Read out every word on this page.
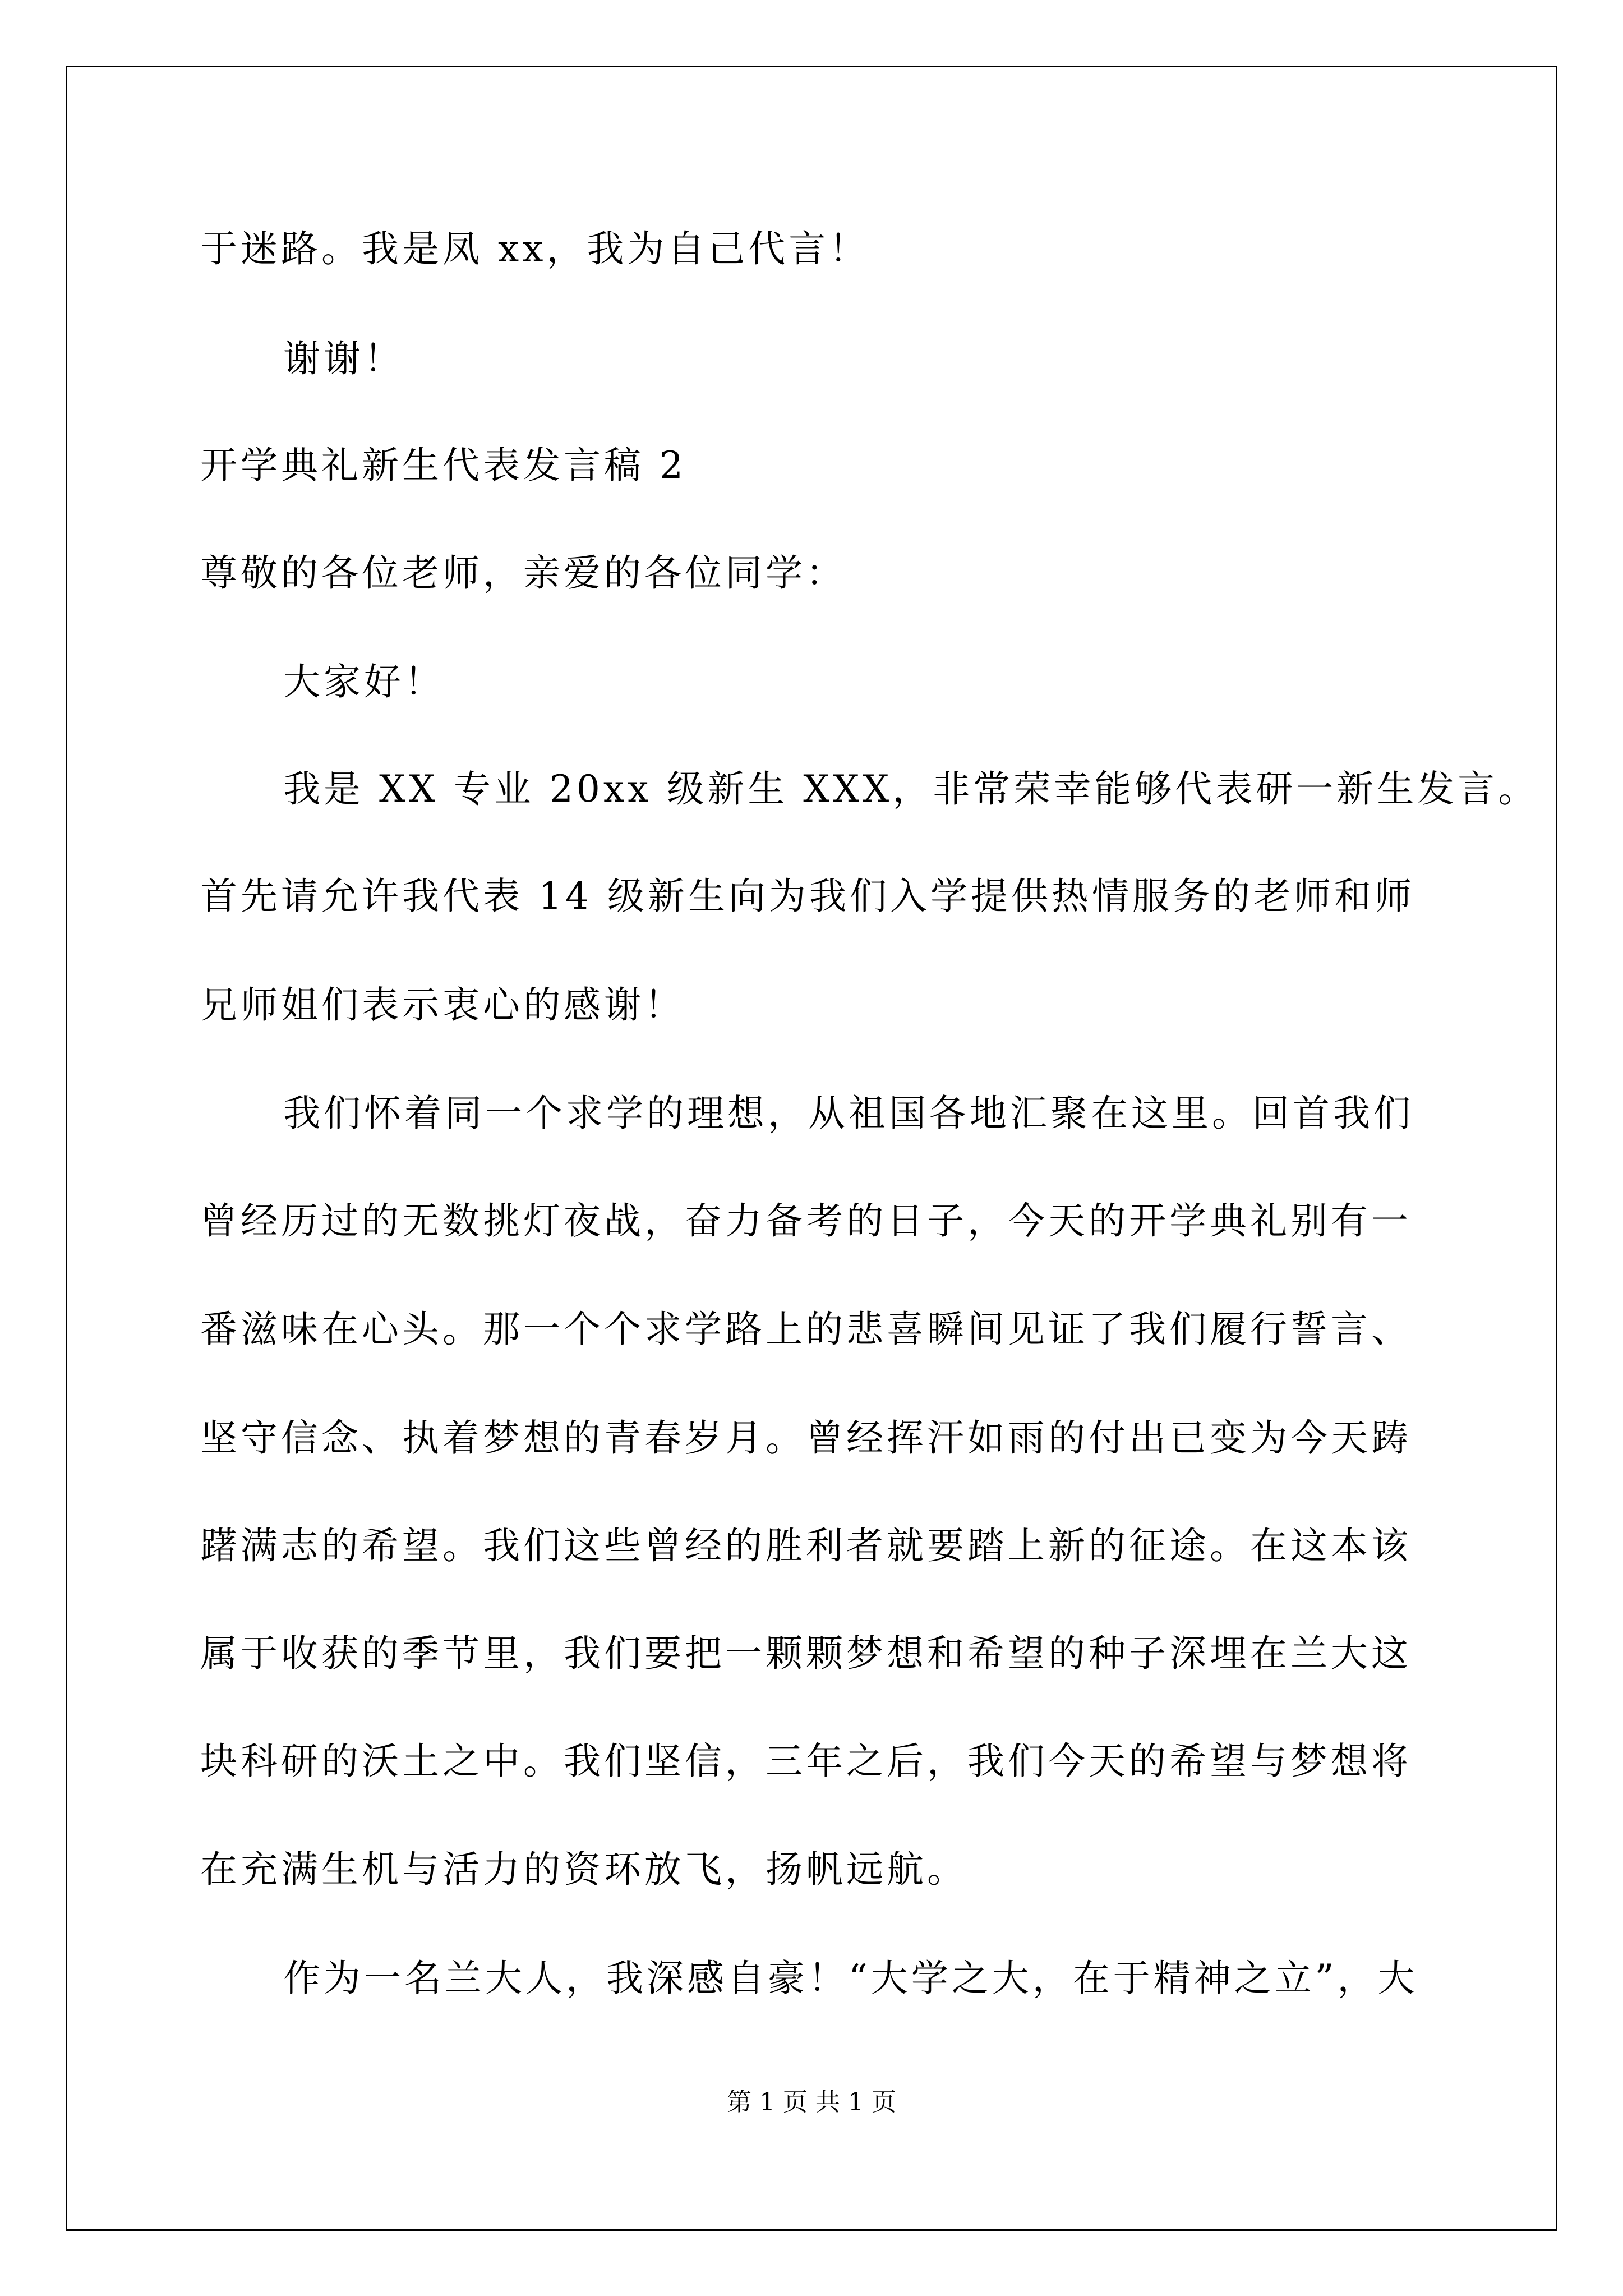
于迷路。我是凤 xx，我为自己代言！
谢谢！
开学典礼新生代表发言稿 2
尊敬的各位老师，亲爱的各位同学：
大家好！
我是 XX 专业 20xx 级新生 XXX，非常荣幸能够代表研一新生发言。
首先请允许我代表 14 级新生向为我们入学提供热情服务的老师和师
兄师姐们表示衷心的感谢！
我们怀着同一个求学的理想，从祖国各地汇聚在这里。回首我们
曾经历过的无数挑灯夜战，奋力备考的日子，今天的开学典礼别有一
番滋味在心头。那一个个求学路上的悲喜瞬间见证了我们履行誓言、
坚守信念、执着梦想的青春岁月。曾经挥汗如雨的付出已变为今天踌
躇满志的希望。我们这些曾经的胜利者就要踏上新的征途。在这本该
属于收获的季节里，我们要把一颗颗梦想和希望的种子深埋在兰大这
块科研的沃土之中。我们坚信，三年之后，我们今天的希望与梦想将
在充满生机与活力的资环放飞，扬帆远航。
作为一名兰大人，我深感自豪！“大学之大，在于精神之立”，大
第 1 页 共 1 页
